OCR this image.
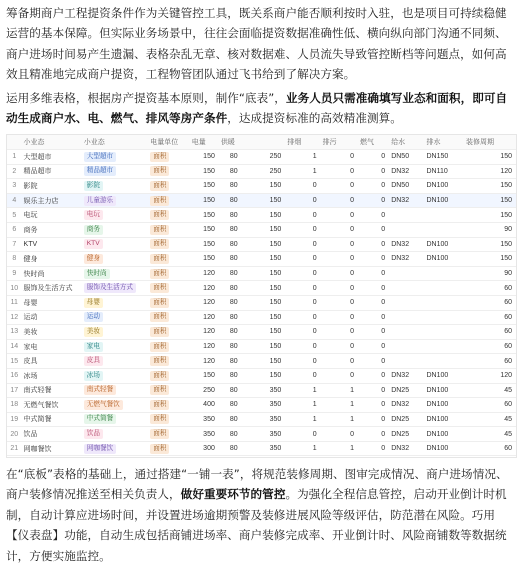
筹备期商户工程提资条件作为关键管控工具，既关系商户能否顺利按时入驻，也是项目可持续稳健运营的基本保障。但实际业务场景中，往往会面临提资数据准确性低、横向纵向部门沟通不同频、商户进场时间易产生遗漏、表格杂乱无章、核对数据难、人员流失导致管控断档等问题点，如何高效且精准地完成商户提资，工程物管团队通过飞书给到了解决方案。
运用多维表格，根据房产提资基本原则，制作“底表”，业务人员只需准确填写业态和面积，即可自动生成商户水、电、燃气、排风等房产条件，达成提资标准的高效精准测算。
	小业态	小业态	电量单位	电量	供暖		排烟	排污	燃气	给水	排水	装修周期
1	大型超市	大型超市	面积	150	80	250	1	0	0	DN50	DN150	150
2	精品超市	精品超市	面积	150	80	250	1	0	0	DN32	DN110	120
3	影院	影院	面积	150	80	150	0	0	0	DN50	DN100	150
4	娱乐主力店	儿童游乐	面积	150	80	150	0	0	0	DN32	DN100	150
5	电玩	电玩	面积	150	80	150	0	0	0			150
6	商务	商务	面积	150	80	150	0	0	0			90
7	KTV	KTV	面积	150	80	150	0	0	0	DN32	DN100	150
8	健身	健身	面积	150	80	150	0	0	0	DN32	DN100	150
9	快时尚	快时尚	面积	120	80	150	0	0	0			90
10	服饰及生活方式	服饰及生活方式	面积	120	80	150	0	0	0			60
11	母婴	母婴	面积	120	80	150	0	0	0			60
12	运动	运动	面积	120	80	150	0	0	0			60
13	美妆	美妆	面积	120	80	150	0	0	0			60
14	家电	家电	面积	120	80	150	0	0	0			60
15	皮具	皮具	面积	120	80	150	0	0	0			60
16	冰场	冰场	面积	150	80	150	0	0	0	DN32	DN100	120
17	南式轻餐	南式轻餐	面积	250	80	350	1	1	0	DN25	DN100	45
18	无燃气餐饮	无燃气餐饮	面积	400	80	350	1	1	0	DN32	DN100	60
19	中式简餐	中式简餐	面积	350	80	350	1	1	0	DN25	DN100	45
20	饮品	饮品	面积	350	80	350	0	0	0	DN25	DN100	45
21	网咖餐饮	网咖餐饮	面积	300	80	350	1	1	0	DN32	DN100	60
在“底板”表格的基础上，通过搭建“一铺一表”，将规范装修周期、图审完成情况、商户进场情况、商户装修情况推送至相关负责人，做好重要环节的管控。为强化全程信息管控，启动开业倒计时机制，自动计算应进场时间，并设置进场逾期预警及装修进展风险等级评估，防范潜在风险。巧用【仪表盘】功能，自动生成包括商铺进场率、商户装修完成率、开业倒计时、风险商铺数等数据统计，方便实施监控。
